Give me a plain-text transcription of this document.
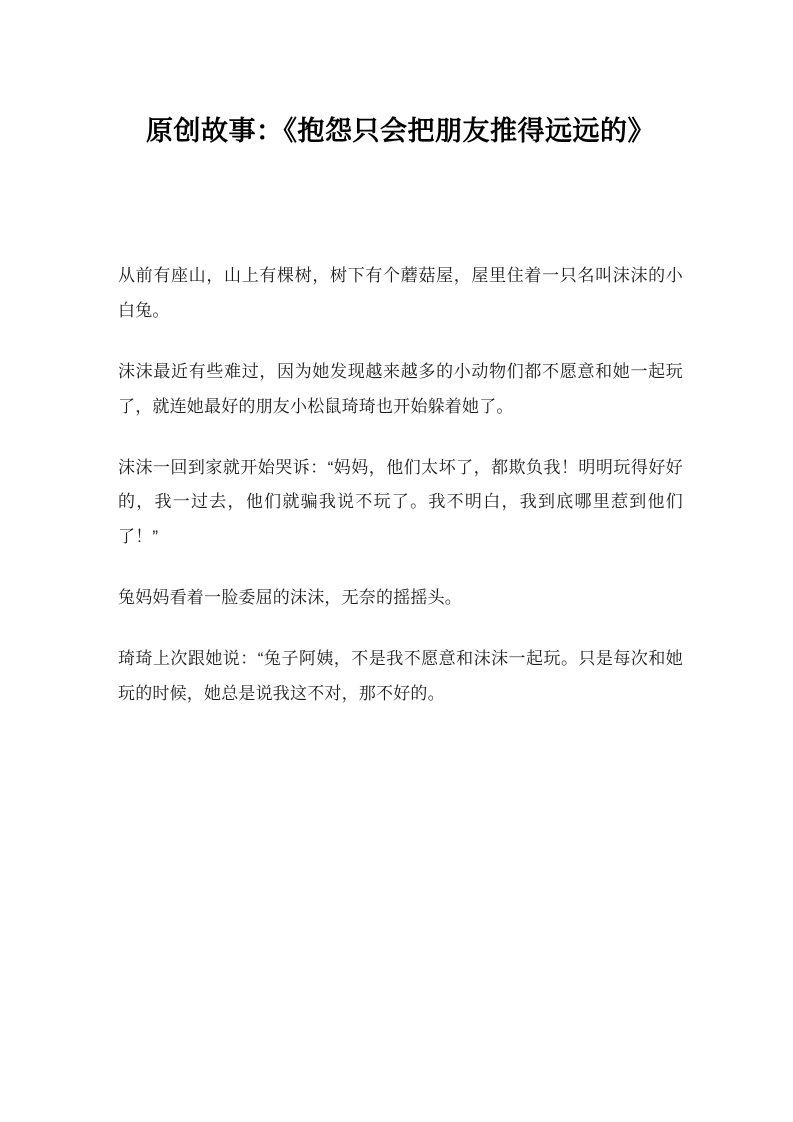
原创故事：《抱怨只会把朋友推得远远的》

从前有座山，山上有棵树，树下有个蘑菇屋，屋里住着一只名叫沫沫的小白兔。

沫沫最近有些难过，因为她发现越来越多的小动物们都不愿意和她一起玩了，就连她最好的朋友小松鼠琦琦也开始躲着她了。

沫沫一回到家就开始哭诉：“妈妈，他们太坏了，都欺负我！明明玩得好好的，我一过去，他们就骗我说不玩了。我不明白，我到底哪里惹到他们了！”

兔妈妈看着一脸委屈的沫沫，无奈的摇摇头。

琦琦上次跟她说：“兔子阿姨，不是我不愿意和沫沫一起玩。只是每次和她玩的时候，她总是说我这不对，那不好的。
